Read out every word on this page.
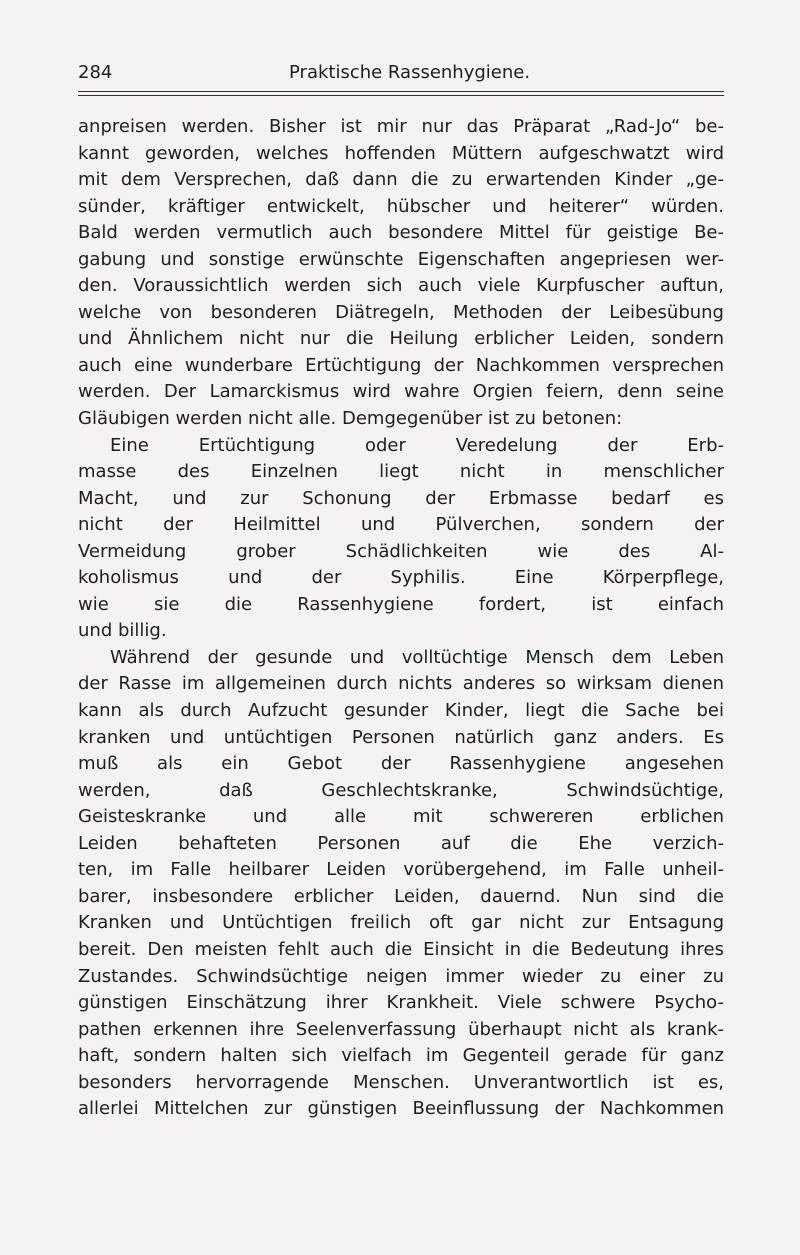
284	Praktische Rassenhygiene.
anpreisen werden. Bisher ist mir nur das Präparat „Rad-Jo“ be-
kannt geworden, welches hoffenden Müttern aufgeschwatzt wird
mit dem Versprechen, daß dann die zu erwartenden Kinder „ge-
sünder, kräftiger entwickelt, hübscher und heiterer“ würden.
Bald werden vermutlich auch besondere Mittel für geistige Be-
gabung und sonstige erwünschte Eigenschaften angepriesen wer-
den. Voraussichtlich werden sich auch viele Kurpfuscher auftun,
welche von besonderen Diätregeln, Methoden der Leibesübung
und Ähnlichem nicht nur die Heilung erblicher Leiden, sondern
auch eine wunderbare Ertüchtigung der Nachkommen versprechen
werden. Der Lamarckismus wird wahre Orgien feiern, denn seine
Gläubigen werden nicht alle. Demgegenüber ist zu betonen:
Eine Ertüchtigung oder Veredelung der Erb-
masse des Einzelnen liegt nicht in menschlicher
Macht, und zur Schonung der Erbmasse bedarf es
nicht der Heilmittel und Pülverchen, sondern der
Vermeidung grober Schädlichkeiten wie des Al-
koholismus und der Syphilis. Eine Körperpflege,
wie sie die Rassenhygiene fordert, ist einfach
und billig.
Während der gesunde und volltüchtige Mensch dem Leben
der Rasse im allgemeinen durch nichts anderes so wirksam dienen
kann als durch Aufzucht gesunder Kinder, liegt die Sache bei
kranken und untüchtigen Personen natürlich ganz anders. Es
muß als ein Gebot der Rassenhygiene angesehen
werden, daß Geschlechtskranke, Schwindsüchtige,
Geisteskranke und alle mit schwereren erblichen
Leiden behafteten Personen auf die Ehe verzich-
ten, im Falle heilbarer Leiden vorübergehend, im Falle unheil-
barer, insbesondere erblicher Leiden, dauernd. Nun sind die
Kranken und Untüchtigen freilich oft gar nicht zur Entsagung
bereit. Den meisten fehlt auch die Einsicht in die Bedeutung ihres
Zustandes. Schwindsüchtige neigen immer wieder zu einer zu
günstigen Einschätzung ihrer Krankheit. Viele schwere Psycho-
pathen erkennen ihre Seelenverfassung überhaupt nicht als krank-
haft, sondern halten sich vielfach im Gegenteil gerade für ganz
besonders hervorragende Menschen. Unverantwortlich ist es,
allerlei Mittelchen zur günstigen Beeinflussung der Nachkommen
